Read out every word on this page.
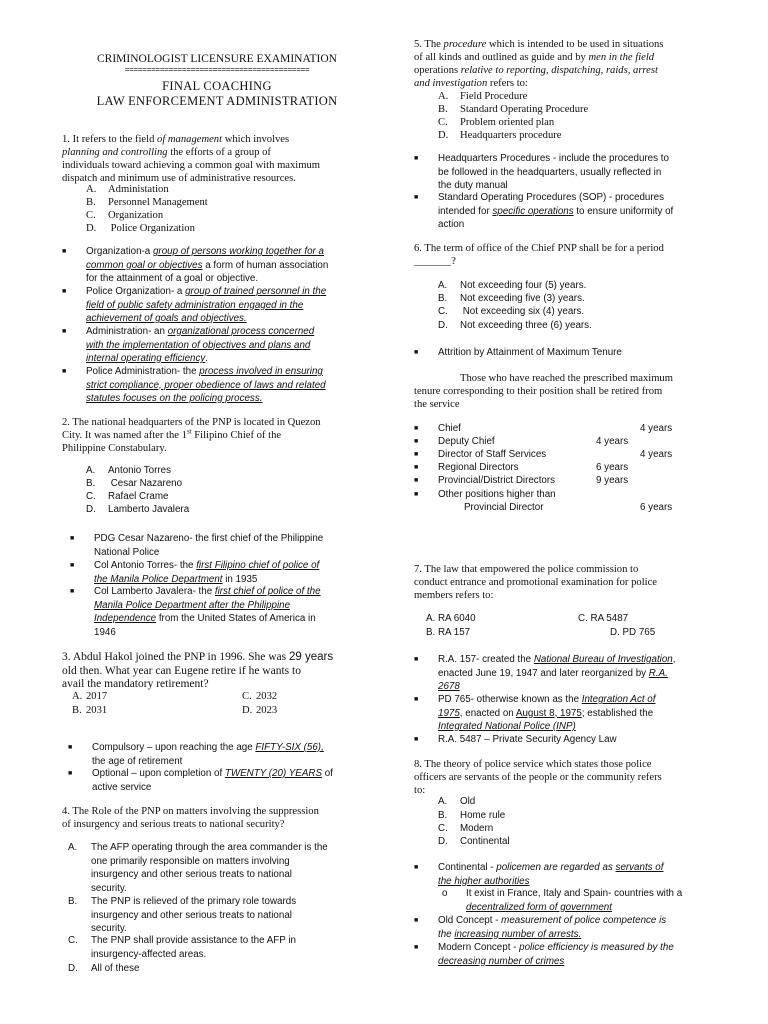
CRIMINOLOGIST LICENSURE EXAMINATION
==========================================
FINAL COACHING
LAW ENFORCEMENT ADMINISTRATION
1. It refers to the field of management which involves
planning and controlling the efforts of a group of
individuals toward achieving a common goal with maximum
dispatch and minimum use of administrative resources.
A. Administation
B. Personnel Management
C. Organization
D. Police Organization
■ Organization-a group of persons working together for a
common goal or objectives a form of human association
for the attainment of a goal or objective.
■ Police Organization- a group of trained personnel in the
field of public safety administration engaged in the
achievement of goals and objectives.
■ Administration- an organizational process concerned
with the implementation of objectives and plans and
internal operating efficiency.
■ Police Administration- the process involved in ensuring
strict compliance, proper obedience of laws and related
statutes focuses on the policing process.
2. The national headquarters of the PNP is located in Quezon
City. It was named after the 1st Filipino Chief of the
Philippine Constabulary.
A. Antonio Torres
B. Cesar Nazareno
C. Rafael Crame
D. Lamberto Javalera
■ PDG Cesar Nazareno- the first chief of the Philippine
National Police
■ Col Antonio Torres- the first Filipino chief of police of
the Manila Police Department in 1935
■ Col Lamberto Javalera- the first chief of police of the
Manila Police Department after the Philippine
Independence from the United States of America in
1946
3. Abdul Hakol joined the PNP in 1996. She was 29 years
old then. What year can Eugene retire if he wants to
avail the mandatory retirement?
A. 2017	C. 2032
B. 2031	D. 2023
■ Compulsory – upon reaching the age FIFTY-SIX (56),
the age of retirement
■ Optional – upon completion of TWENTY (20) YEARS of
active service
4. The Role of the PNP on matters involving the suppression
of insurgency and serious treats to national security?
A. The AFP operating through the area commander is the
one primarily responsible on matters involving
insurgency and other serious treats to national
security.
B. The PNP is relieved of the primary role towards
insurgency and other serious treats to national
security.
C. The PNP shall provide assistance to the AFP in
insurgency-affected areas.
D.	All of these
5. The procedure which is intended to be used in situations
of all kinds and outlined as guide and by men in the field
operations relative to reporting, dispatching, raids, arrest
and investigation refers to:
A. Field Procedure
B. Standard Operating Procedure
C. Problem oriented plan
D. Headquarters procedure
■ Headquarters Procedures - include the procedures to
be followed in the headquarters, usually reflected in
the duty manual
■ Standard Operating Procedures (SOP) - procedures
intended for specific operations to ensure uniformity of
action
6. The term of office of the Chief PNP shall be for a period
_______?
A. Not exceeding four (5) years.
B. Not exceeding five (3) years.
C. Not exceeding six (4) years.
D. Not exceeding three (6) years.
■ Attrition by Attainment of Maximum Tenure
Those who have reached the prescribed maximum
tenure corresponding to their position shall be retired from
the service
■ Chief	4 years
■ Deputy Chief	4 years
■ Director of Staff Services	4 years
■ Regional Directors	6 years
■ Provincial/District Directors	9 years
■ Other positions higher than
Provincial Director	6 years
7. The law that empowered the police commission to
conduct entrance and promotional examination for police
members refers to:
A. RA 6040	C. RA 5487
B. RA 157	D. PD 765
■ R.A. 157- created the National Bureau of Investigation,
enacted June 19, 1947 and later reorganized by R.A.
2678
■ PD 765- otherwise known as the Integration Act of
1975, enacted on August 8, 1975; established the
Integrated National Police (INP)
■ R.A. 5487 – Private Security Agency Law
8. The theory of police service which states those police
officers are servants of the people or the community refers
to:
A. Old
B. Home rule
C. Modern
D. Continental
■ Continental - policemen are regarded as servants of
the higher authorities
o It exist in France, Italy and Spain- countries with a
decentralized form of government
■ Old Concept - measurement of police competence is
the increasing number of arrests.
■ Modern Concept - police efficiency is measured by the
decreasing number of crimes
